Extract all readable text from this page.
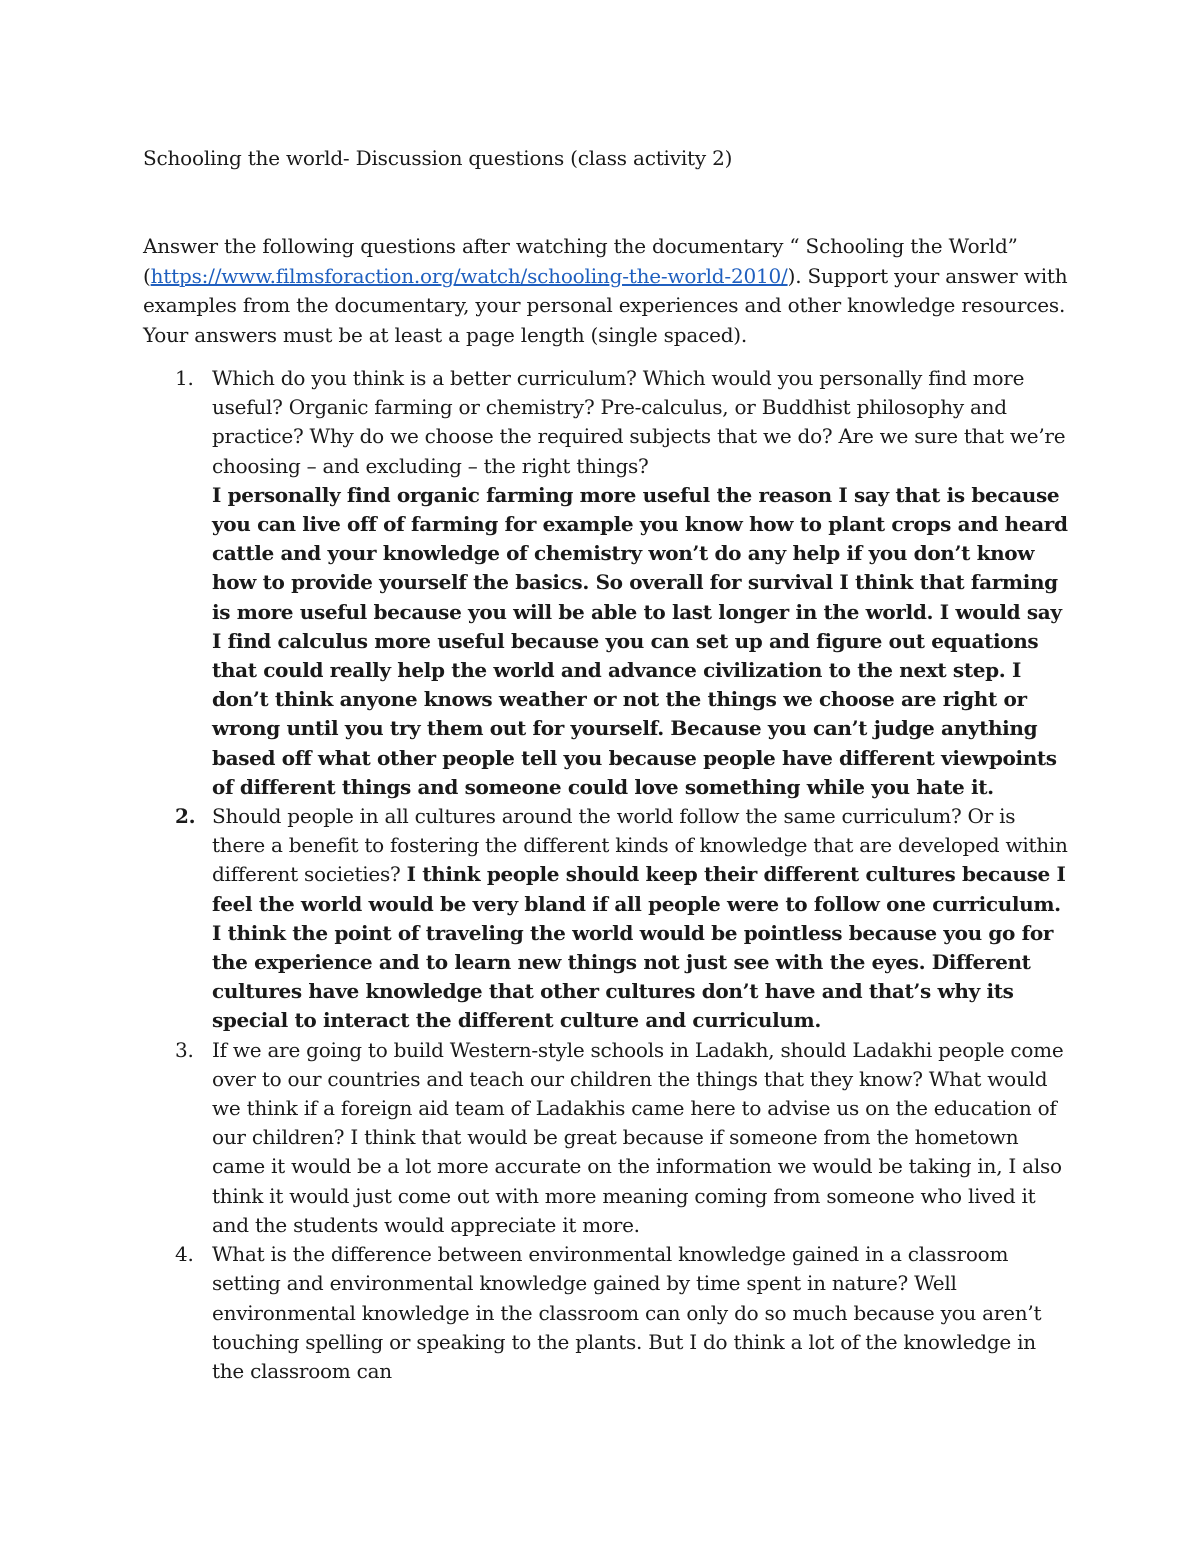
Schooling the world- Discussion questions (class activity 2)
Answer the following questions after watching the documentary “ Schooling the World” (https://www.filmsforaction.org/watch/schooling-the-world-2010/). Support your answer with examples from the documentary, your personal experiences and other knowledge resources. Your answers must be at least a page length (single spaced).
1. Which do you think is a better curriculum? Which would you personally find more useful? Organic farming or chemistry? Pre-calculus, or Buddhist philosophy and practice? Why do we choose the required subjects that we do? Are we sure that we’re choosing – and excluding – the right things?
I personally find organic farming more useful the reason I say that is because you can live off of farming for example you know how to plant crops and heard cattle and your knowledge of chemistry won’t do any help if you don’t know how to provide yourself the basics. So overall for survival I think that farming is more useful because you will be able to last longer in the world. I would say I find calculus more useful because you can set up and figure out equations that could really help the world and advance civilization to the next step. I don’t think anyone knows weather or not the things we choose are right or wrong until you try them out for yourself. Because you can’t judge anything based off what other people tell you because people have different viewpoints of different things and someone could love something while you hate it.
2. Should people in all cultures around the world follow the same curriculum? Or is there a benefit to fostering the different kinds of knowledge that are developed within different societies? I think people should keep their different cultures because I feel the world would be very bland if all people were to follow one curriculum. I think the point of traveling the world would be pointless because you go for the experience and to learn new things not just see with the eyes. Different cultures have knowledge that other cultures don’t have and that’s why its special to interact the different culture and curriculum.
3. If we are going to build Western-style schools in Ladakh, should Ladakhi people come over to our countries and teach our children the things that they know? What would we think if a foreign aid team of Ladakhis came here to advise us on the education of our children? I think that would be great because if someone from the hometown came it would be a lot more accurate on the information we would be taking in, I also think it would just come out with more meaning coming from someone who lived it and the students would appreciate it more.
4. What is the difference between environmental knowledge gained in a classroom setting and environmental knowledge gained by time spent in nature? Well environmental knowledge in the classroom can only do so much because you aren’t touching spelling or speaking to the plants. But I do think a lot of the knowledge in the classroom can
